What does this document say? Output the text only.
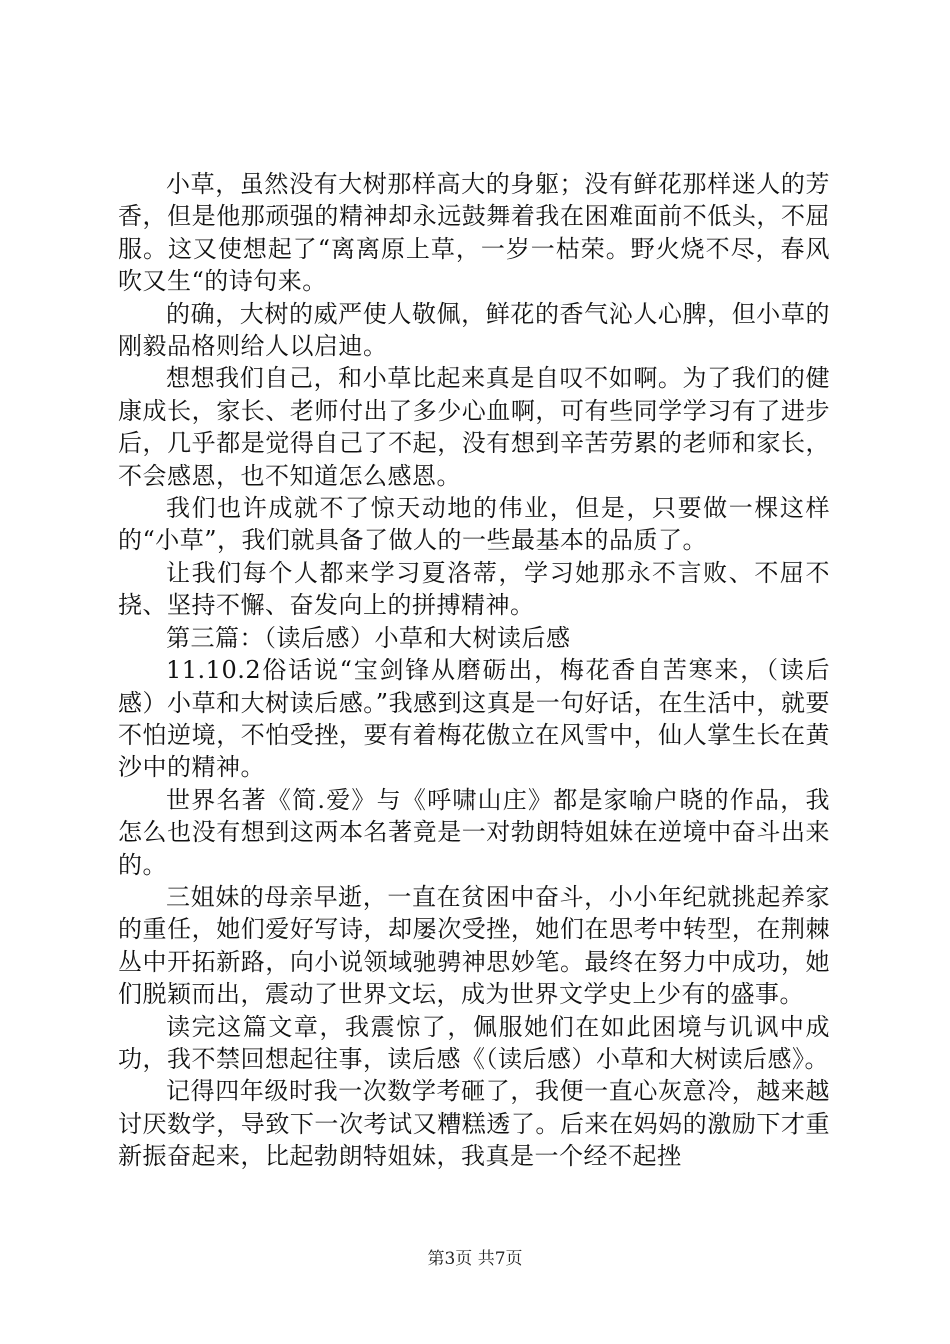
小草，虽然没有大树那样高大的身躯；没有鲜花那样迷人的芳香，但是他那顽强的精神却永远鼓舞着我在困难面前不低头，不屈服。这又使想起了“离离原上草，一岁一枯荣。野火烧不尽，春风吹又生“的诗句来。

的确，大树的威严使人敬佩，鲜花的香气沁人心脾，但小草的刚毅品格则给人以启迪。

想想我们自己，和小草比起来真是自叹不如啊。为了我们的健康成长，家长、老师付出了多少心血啊，可有些同学学习有了进步后，几乎都是觉得自己了不起，没有想到辛苦劳累的老师和家长，不会感恩，也不知道怎么感恩。

我们也许成就不了惊天动地的伟业，但是，只要做一棵这样的“小草”，我们就具备了做人的一些最基本的品质了。

让我们每个人都来学习夏洛蒂，学习她那永不言败、不屈不挠、坚持不懈、奋发向上的拼搏精神。

第三篇：（读后感）小草和大树读后感

11.10.2俗话说“宝剑锋从磨砺出，梅花香自苦寒来，（读后感）小草和大树读后感。”我感到这真是一句好话，在生活中，就要不怕逆境，不怕受挫，要有着梅花傲立在风雪中，仙人掌生长在黄沙中的精神。

世界名著《简.爱》与《呼啸山庄》都是家喻户晓的作品，我怎么也没有想到这两本名著竟是一对勃朗特姐妹在逆境中奋斗出来的。

三姐妹的母亲早逝，一直在贫困中奋斗，小小年纪就挑起养家的重任，她们爱好写诗，却屡次受挫，她们在思考中转型，在荆棘丛中开拓新路，向小说领域驰骋神思妙笔。最终在努力中成功，她们脱颖而出，震动了世界文坛，成为世界文学史上少有的盛事。

读完这篇文章，我震惊了，佩服她们在如此困境与讥讽中成功，我不禁回想起往事，读后感《（读后感）小草和大树读后感》。

记得四年级时我一次数学考砸了，我便一直心灰意冷，越来越讨厌数学，导致下一次考试又糟糕透了。后来在妈妈的激励下才重新振奋起来，比起勃朗特姐妹，我真是一个经不起挫

第3页 共7页
